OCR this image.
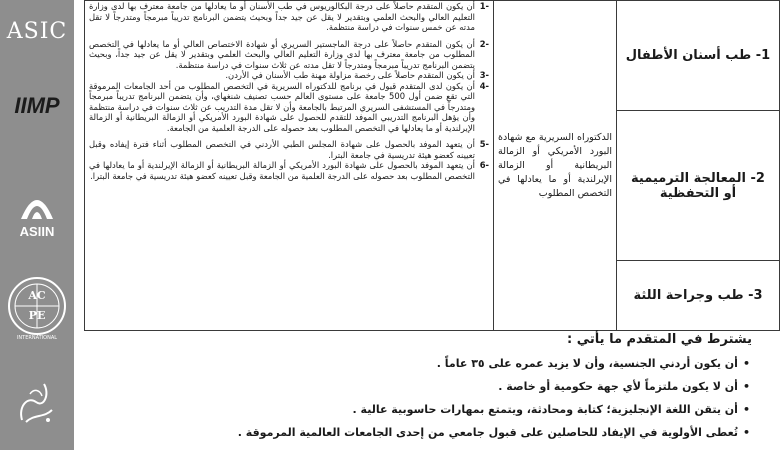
ASIC
IIMP
ASIIN
AC
PE
INTERNATIONAL
1- طب أسنان الأطفال	الدكتوراه السريرية مع شهادة البورد الأمريكي أو الزمالة البريطانية أو الزمالة الإيرلندية أو ما يعادلها في التخصص المطلوب	
1-
أن يكون المتقدم حاصلاً على درجة البكالوريوس في طب الأسنان أو ما يعادلها من جامعة معترف بها لدى وزارة التعليم العالي والبحث العلمي وبتقدير لا يقل عن جيد جداً وبحيث يتضمن البرنامج تدريباً مبرمجاً ومتدرجاً لا تقل مدته عن خمس سنوات في دراسة منتظمة.
2-
أن يكون المتقدم حاصلاً على درجة الماجستير السريري أو شهادة الاختصاص العالي أو ما يعادلها في التخصص المطلوب من جامعة معترف بها لدى وزارة التعليم العالي والبحث العلمي وبتقدير لا يقل عن جيد جداً، وبحيث يتضمن البرنامج تدريباً مبرمجاً ومتدرجاً لا تقل مدته عن ثلاث سنوات في دراسة منتظمة.
3-
أن يكون المتقدم حاصلاً على رخصة مزاولة مهنة طب الأسنان في الأردن.
4-
أن يكون لدى المتقدم قبول في برنامج للدكتوراه السريرية في التخصص المطلوب من أحد الجامعات المرموقة التي تقع ضمن أول 500 جامعة على مستوى العالم حسب تصنيف شنغهاي، وأن يتضمن البرنامج تدريباً مبرمجاً ومتدرجاً في المستشفى السريري المرتبط بالجامعة وأن لا تقل مدة التدريب عن ثلاث سنوات في دراسة منتظمة وأن يؤهل البرنامج التدريبي الموفد للتقدم للحصول على شهادة البورد الأمريكي أو الزمالة البريطانية أو الزمالة الإيرلندية أو ما يعادلها في التخصص المطلوب بعد حصوله على الدرجة العلمية من الجامعة.
5-
أن يتعهد الموفد بالحصول على شهادة المجلس الطبي الأردني في التخصص المطلوب أثناء فترة إيفاده وقبل تعيينه كعضو هيئة تدريسية في جامعة البترا.
6-
أن يتعهد الموفد بالحصول على شهادة البورد الأمريكي أو الزمالة البريطانية أو الزمالة الإيرلندية أو ما يعادلها في التخصص المطلوب بعد حصوله على الدرجة العلمية من الجامعة وقبل تعيينه كعضو هيئة تدريسية في جامعة البترا.

2- المعالجة الترميمية أو التحفظية
3- طب وجراحة اللثة
يشترط في المتقدم ما يأتي :
• أن يكون أردني الجنسية، وأن لا يزيد عمره على ٣٥ عاماً .
• أن لا يكون ملتزماً لأي جهة حكومية أو خاصة .
• أن يتقن اللغة الإنجليزية؛ كتابة ومحادثة، ويتمتع بمهارات حاسوبية عالية .
• تُعطى الأولوية في الإيفاد للحاصلين على قبول جامعي من إحدى الجامعات العالمية المرموقة .
